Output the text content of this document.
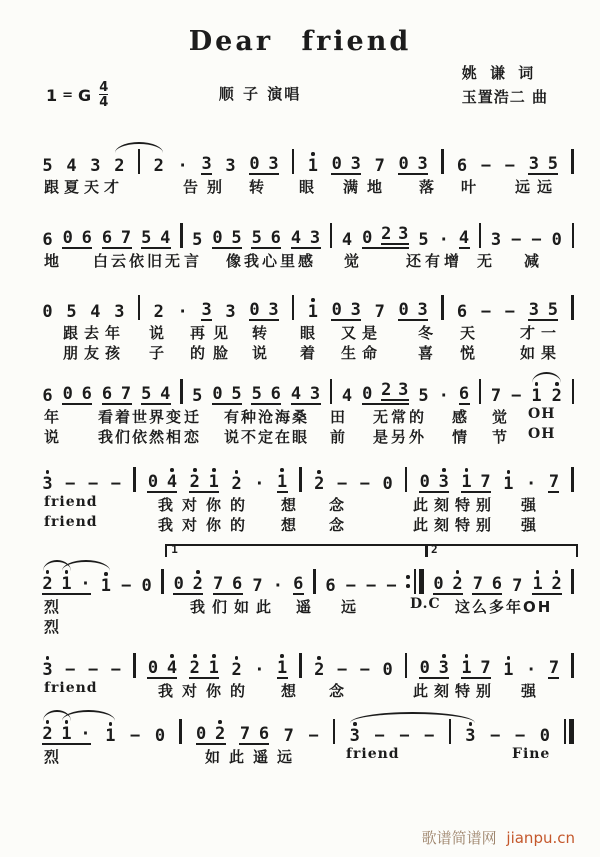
Dear friend
1 = G $\frac{4}{4}$	顺 子 演唱
姚 谦 词
玉置浩二 曲
5 4 3 2 2 · 3 3 0 3 1 0 3 7 0 3 6 − − 3 5
跟夏天才	告别 转 眼 满地 落 叶	远远
6 0 6 6 7 5 4 5 0 5 5 6 4 3 4 0 2 3 5 · 4 3 − − 0
地 白云依旧无 言 像我心里感 觉	还有增 无 减
0 5 4 3 2 · 3 3 0 3 1 0 3 7 0 3 6 − − 3 5
跟去年 说 再见 转 眼 又是 冬 天	才一
朋友孩 子 的脸 说 着 生命 喜 悦	如果
6 0 6 6 7 5 4 5 0 5 5 6 4 3 4 0 2 3 5 · 6 7 − 1 2
年	看着世界变 迁 有种沧海桑 田 无常的 感 觉 OH
说	我们依然相 恋 说不定在眼 前 是另外 情 节 OH
3 − − − 0 4 2 1 2 · 1 2 − − 0 0 3 1 7 1 · 7
friend	我对你的 想 念	此刻特别 强
friend	我对你的 想 念	此刻特别 强
2 1 · 1 − 0 0 2 7 6 7 · 6 6 − − − 0 2 7 6 7 1 2
1	2
烈	我们如此 遥 远	D.C 这么多年OH
烈
3 − − − 0 4 2 1 2 · 1 2 − − 0 0 3 1 7 1 · 7
friend	我对你的 想 念	此刻特别 强
2 1 · 1 − 0 0 2 7 6 7 − 3 − − − 3 − − 0
烈	如此遥远	friend	Fine
歌谱简谱网 jianpu.cn
